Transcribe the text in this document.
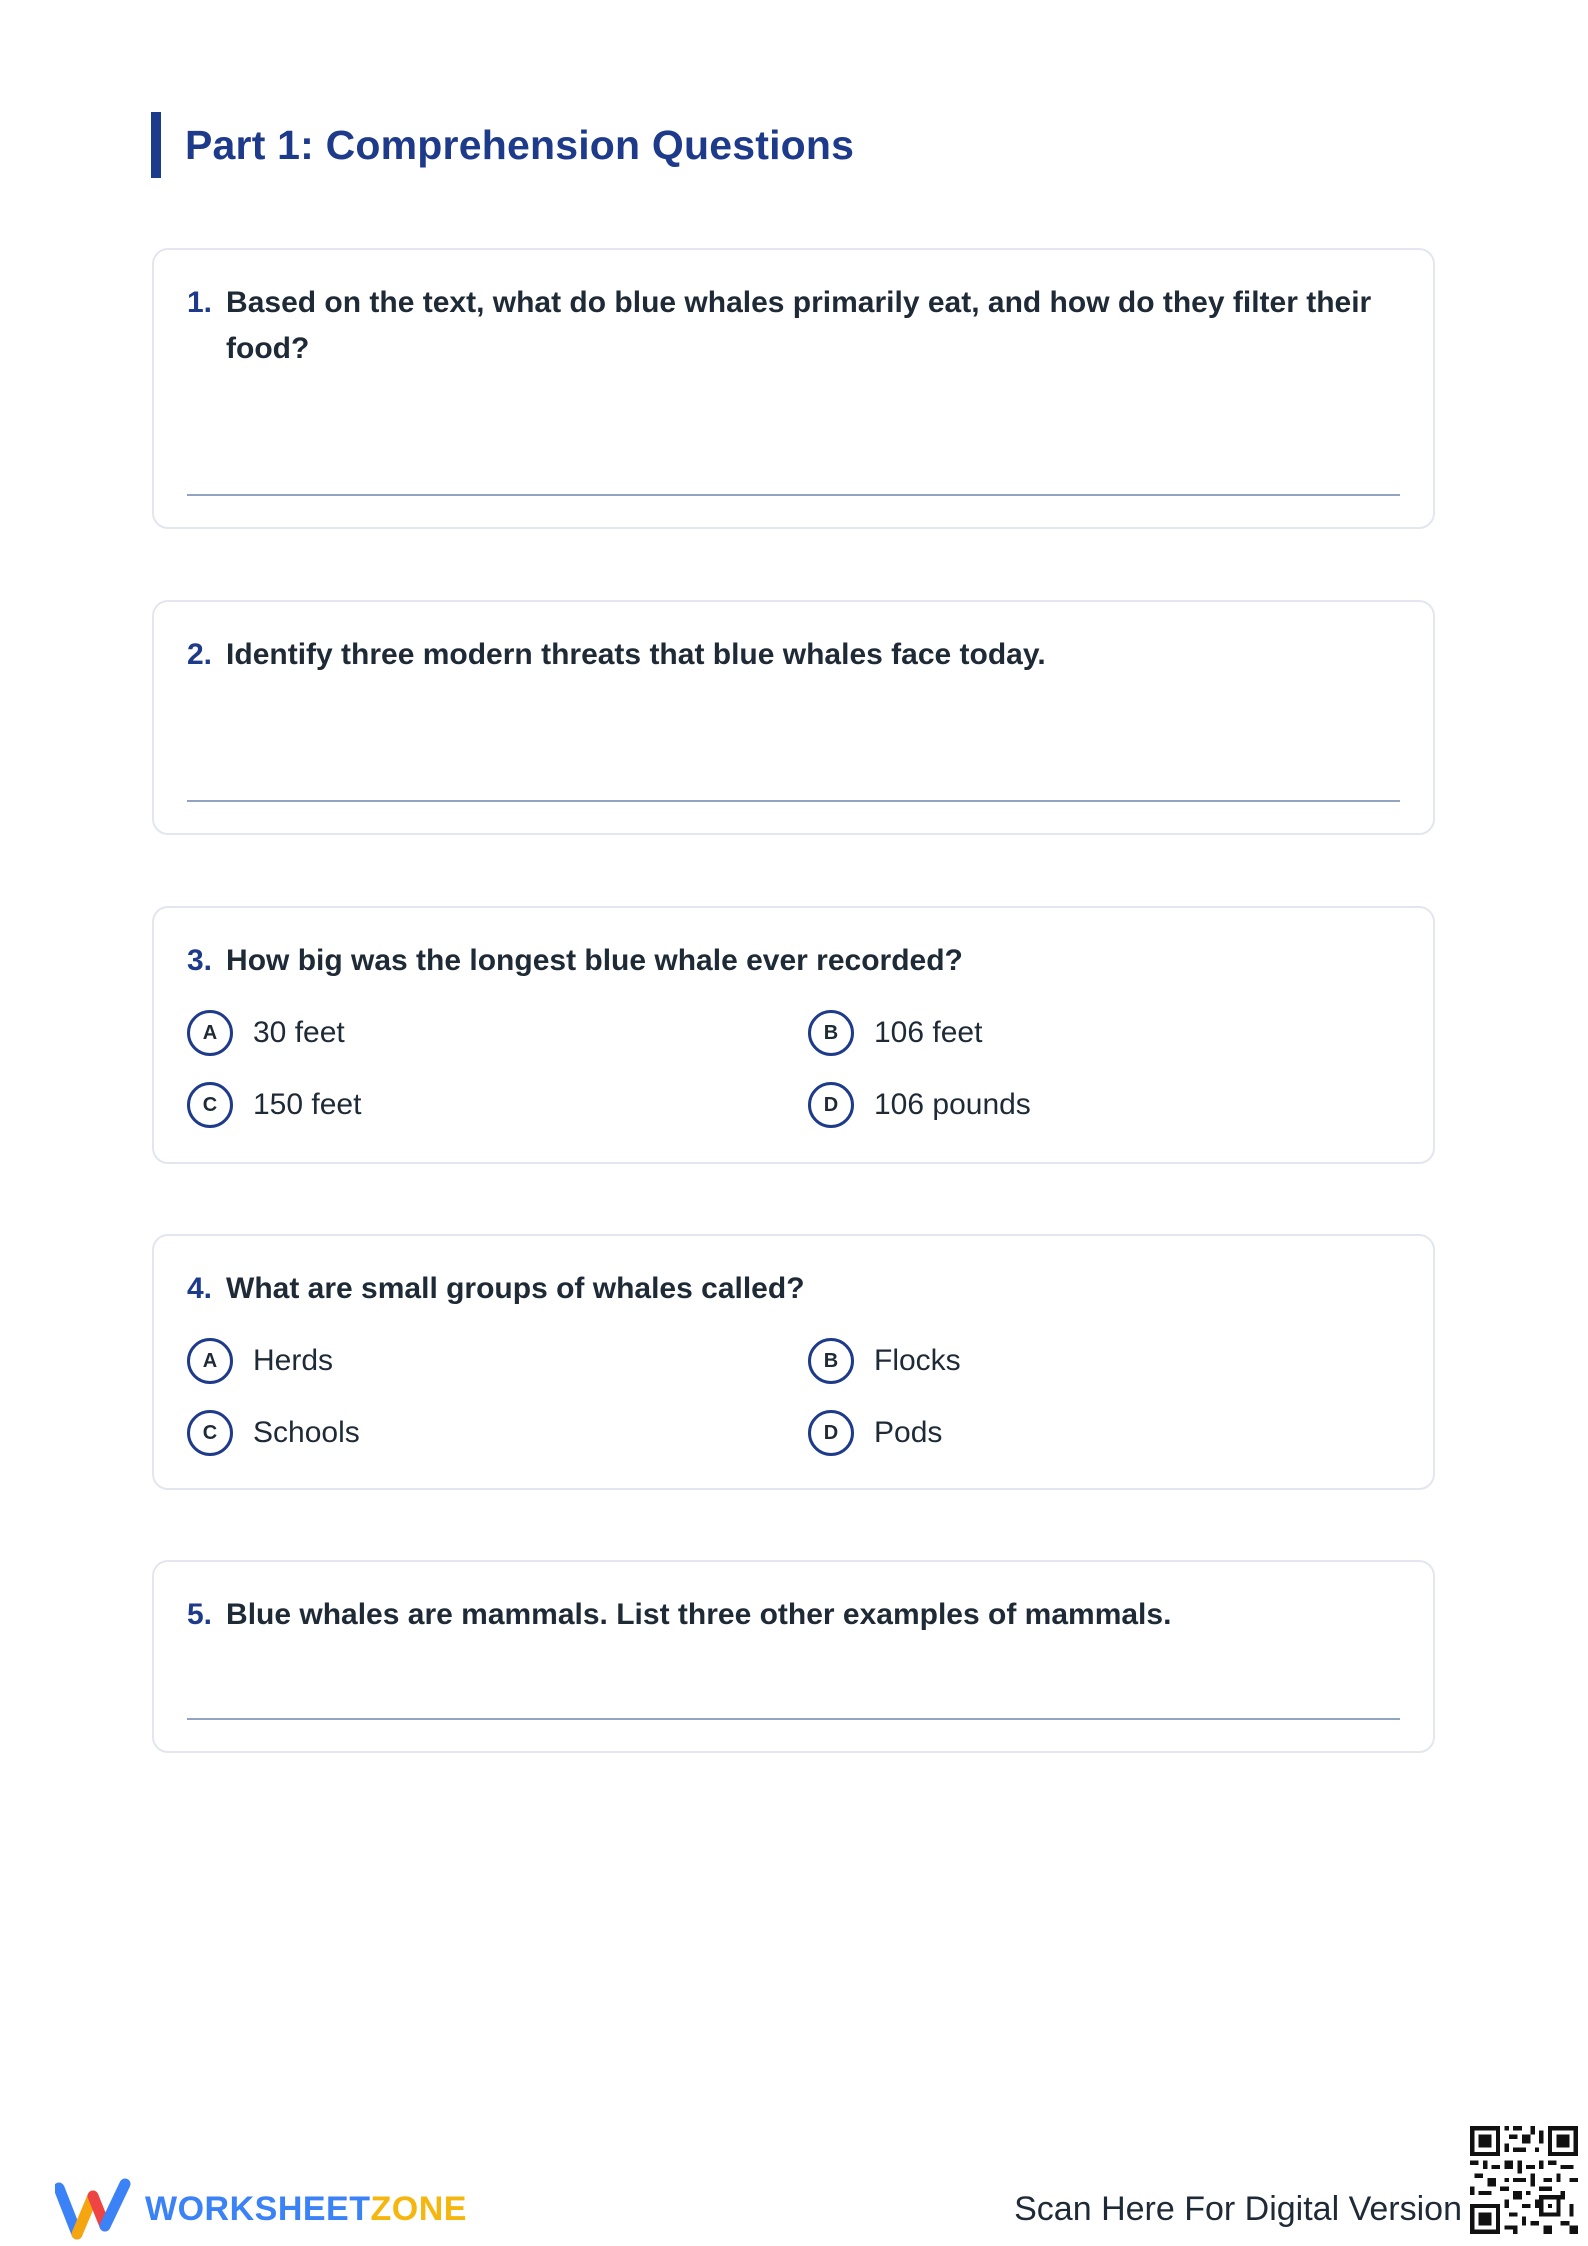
Part 1: Comprehension Questions
1. Based on the text, what do blue whales primarily eat, and how do they filter their food?
2. Identify three modern threats that blue whales face today.
3. How big was the longest blue whale ever recorded?
A	30 feet	B	106 feet
C	150 feet	D	106 pounds
4. What are small groups of whales called?
A	Herds	B	Flocks
C	Schools	D	Pods
5. Blue whales are mammals. List three other examples of mammals.
WORKSHEETZONE	Scan Here For Digital Version
